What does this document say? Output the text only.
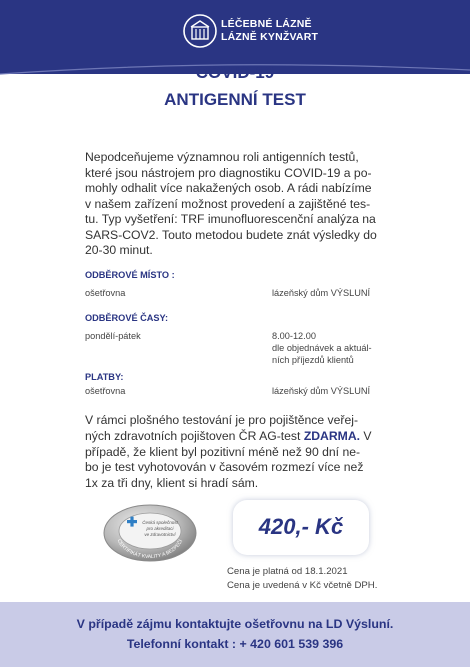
LÉČEBNÉ LÁZNĚ
LÁZNĚ KYNŽVART
COVID-19
ANTIGENNÍ TEST
Nepodceňujeme významnou roli antigenních testů,
které jsou nástrojem pro diagnostiku COVID-19 a po-
mohly odhalit více nakažených osob. A rádi nabízíme
v našem zařízení možnost provedení a zajištěné tes-
tu. Typ vyšetření: TRF imunofluorescenční analýza na
SARS-COV2. Touto metodou budete znát výsledky do
20-30 minut.
ODBĚROVÉ MÍSTO :
ošetřovna	lázeňský dům VÝSLUNÍ
ODBĚROVÉ ČASY:
pondělí-pátek	8.00-12.00
dle objednávek a aktuál-
ních příjezdů klientů
PLATBY:
ošetřovna	lázeňský dům VÝSLUNÍ
V rámci plošného testování je pro pojištěnce veřej-
ných zdravotních pojištoven ČR AG-test ZDARMA. V
případě, že klient byl pozitivní méně než 90 dní ne-
bo je test vyhotovován v časovém rozmezí více než
1x za tři dny, klient si hradí sám.
Česká společnost
pro akreditaci
ve zdravotnictví
CERTIFIKÁT KVALITY A BEZPEČÍ
420,- Kč
Cena je platná od 18.1.2021
Cena je uvedená v Kč včetně DPH.
V případě zájmu kontaktujte ošetřovnu na LD Výsluní.
Telefonní kontakt : + 420 601 539 396
